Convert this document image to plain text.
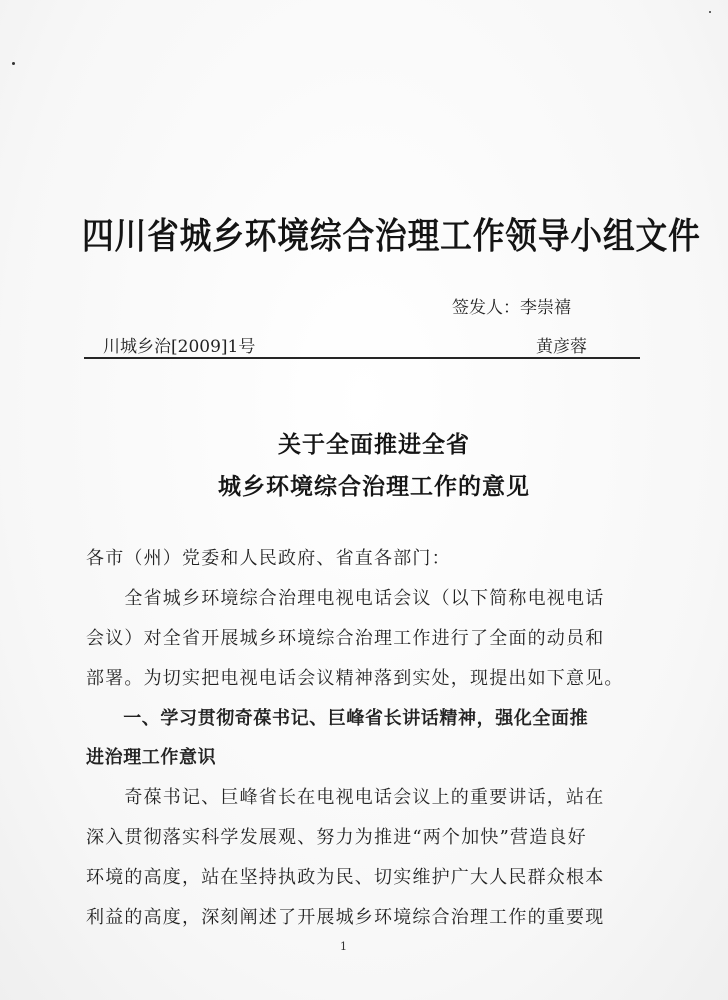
四川省城乡环境综合治理工作领导小组文件
签发人：李崇禧
川城乡治[2009]1号	黄彦蓉
关于全面推进全省
城乡环境综合治理工作的意见
各市（州）党委和人民政府、省直各部门：
　　全省城乡环境综合治理电视电话会议（以下简称电视电话
会议）对全省开展城乡环境综合治理工作进行了全面的动员和
部署。为切实把电视电话会议精神落到实处，现提出如下意见。
　　一、学习贯彻奇葆书记、巨峰省长讲话精神，强化全面推
进治理工作意识
　　奇葆书记、巨峰省长在电视电话会议上的重要讲话，站在
深入贯彻落实科学发展观、努力为推进“两个加快”营造良好
环境的高度，站在坚持执政为民、切实维护广大人民群众根本
利益的高度，深刻阐述了开展城乡环境综合治理工作的重要现
1
